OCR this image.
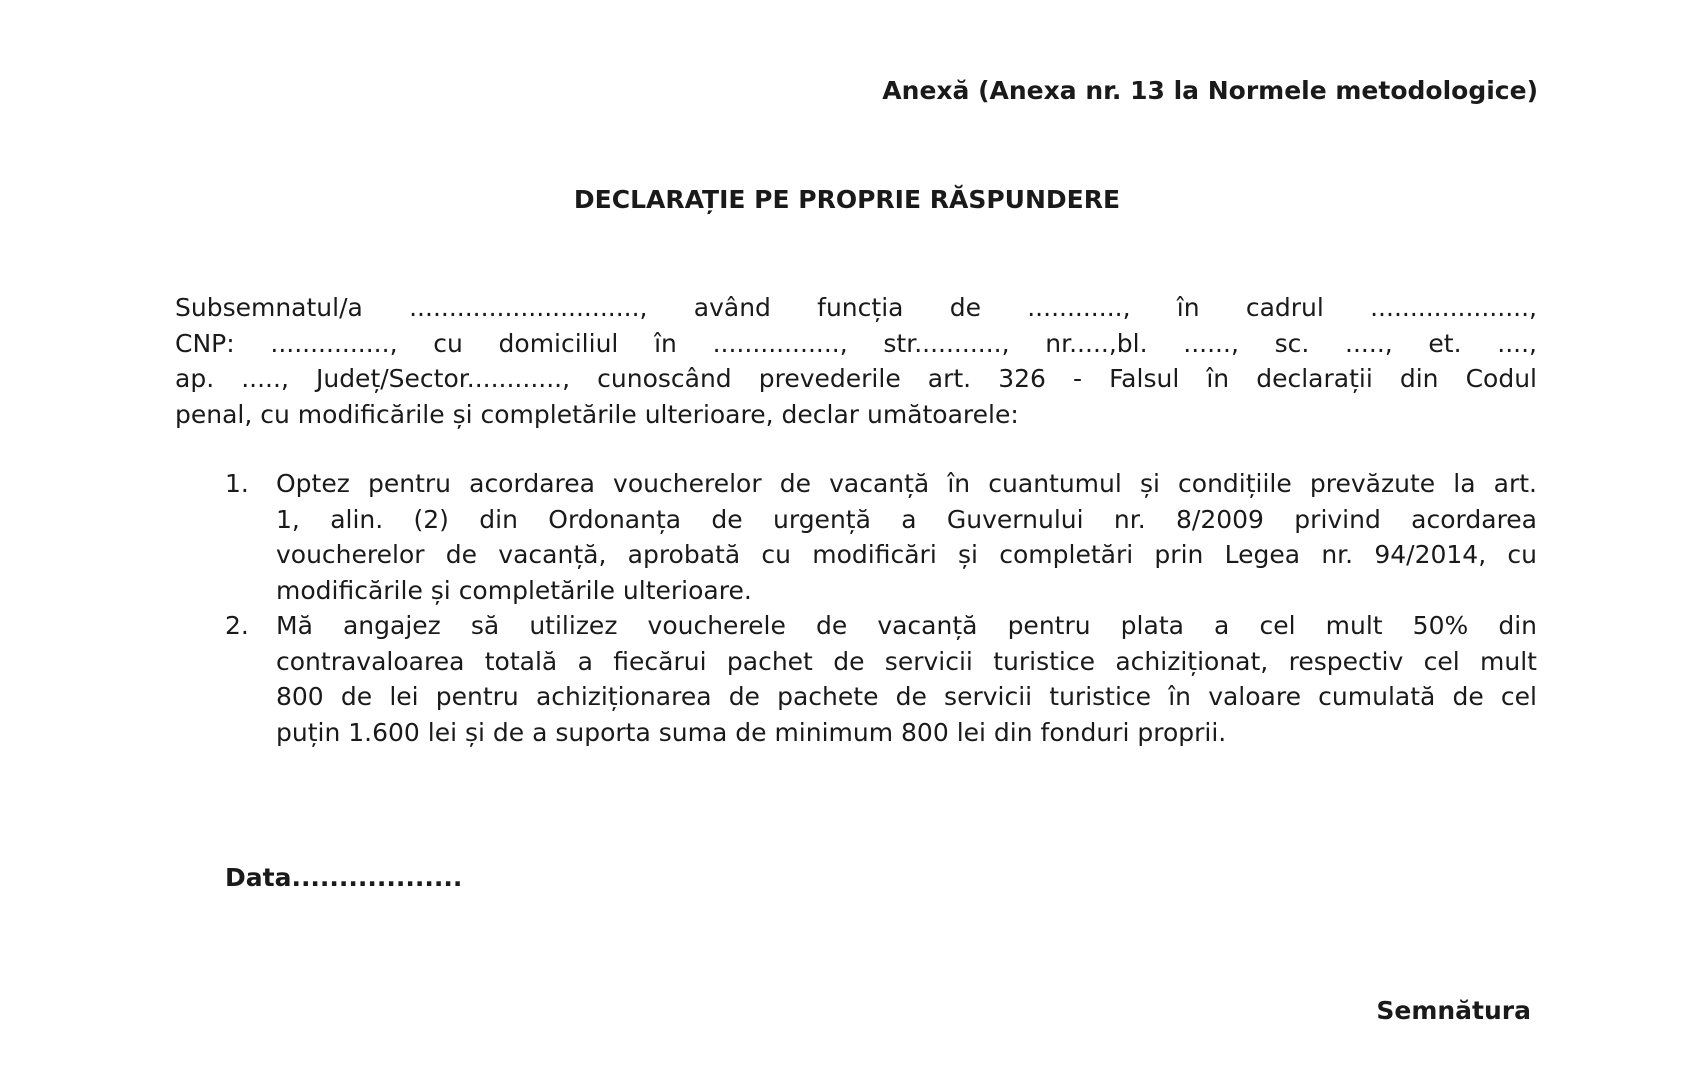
Anexă (Anexa nr. 13 la Normele metodologice)
DECLARAȚIE PE PROPRIE RĂSPUNDERE
Subsemnatul/a ............................., având funcția de ............, în cadrul ....................,
CNP: ..............., cu domiciliul în ................, str..........., nr.....,bl. ......, sc. ....., et. ....,
ap. ....., Județ/Sector............, cunoscând prevederile art. 326 - Falsul în declarații din Codul
penal, cu modificările și completările ulterioare, declar umătoarele:
1. Optez pentru acordarea voucherelor de vacanță în cuantumul și condițiile prevăzute la art.
1, alin. (2) din Ordonanța de urgență a Guvernului nr. 8/2009 privind acordarea
voucherelor de vacanță, aprobată cu modificări și completări prin Legea nr. 94/2014, cu
modificările și completările ulterioare.
2. Mă angajez să utilizez voucherele de vacanță pentru plata a cel mult 50% din
contravaloarea totală a fiecărui pachet de servicii turistice achiziționat, respectiv cel mult
800 de lei pentru achiziționarea de pachete de servicii turistice în valoare cumulată de cel
puțin 1.600 lei și de a suporta suma de minimum 800 lei din fonduri proprii.
Data..................
Semnătura
